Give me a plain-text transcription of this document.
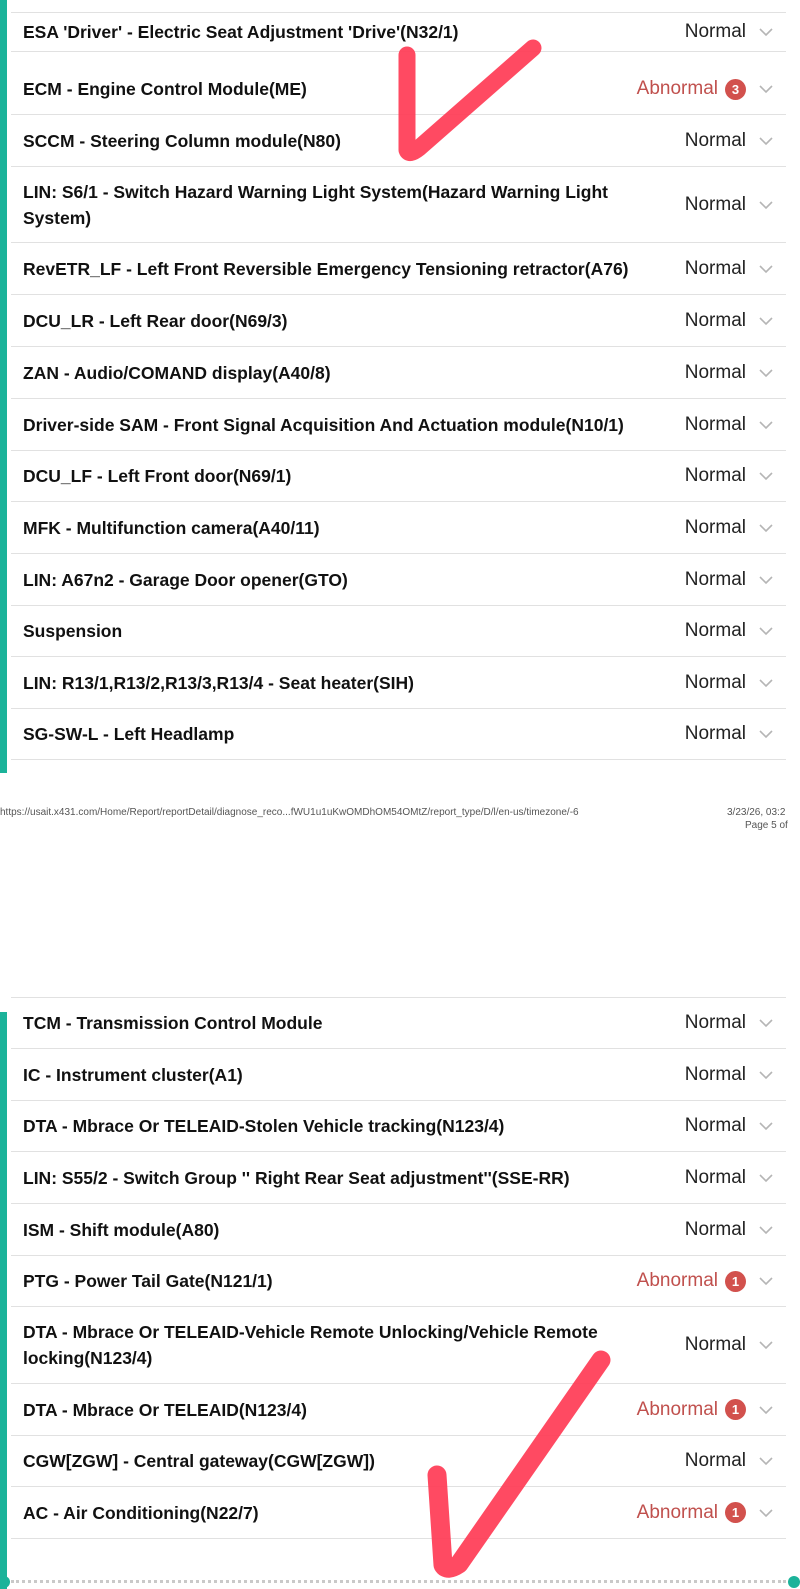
https://usait.x431.com/Home/Report/reportDetail/diagnose_reco...fWU1u1uKwOMDhOM54OMtZ/report_type/D/l/en-us/timezone/-6	3/23/26, 03:2
Page 5 of
ESA 'Driver' - Electric Seat Adjustment 'Drive'(N32/1)	Normal
ECM - Engine Control Module(ME)	Abnormal	3
SCCM - Steering Column module(N80)	Normal
LIN: S6/1 - Switch Hazard Warning Light System(Hazard Warning Light System)
Normal
RevETR_LF - Left Front Reversible Emergency Tensioning retractor(A76)	Normal
DCU_LR - Left Rear door(N69/3)	Normal
ZAN - Audio/COMAND display(A40/8)	Normal
Driver-side SAM - Front Signal Acquisition And Actuation module(N10/1)	Normal
DCU_LF - Left Front door(N69/1)	Normal
MFK - Multifunction camera(A40/11)	Normal
LIN: A67n2 - Garage Door opener(GTO)	Normal
Suspension	Normal
LIN: R13/1,R13/2,R13/3,R13/4 - Seat heater(SIH)	Normal
SG-SW-L - Left Headlamp	Normal
TCM - Transmission Control Module	Normal
IC - Instrument cluster(A1)	Normal
DTA - Mbrace Or TELEAID-Stolen Vehicle tracking(N123/4)	Normal
LIN: S55/2 - Switch Group '' Right Rear Seat adjustment''(SSE-RR)	Normal
ISM - Shift module(A80)	Normal
PTG - Power Tail Gate(N121/1)	Abnormal	1
DTA - Mbrace Or TELEAID-Vehicle Remote Unlocking/Vehicle Remote locking(N123/4)
Normal
DTA - Mbrace Or TELEAID(N123/4)	Abnormal	1
CGW[ZGW] - Central gateway(CGW[ZGW])	Normal
AC - Air Conditioning(N22/7)	Abnormal	1
